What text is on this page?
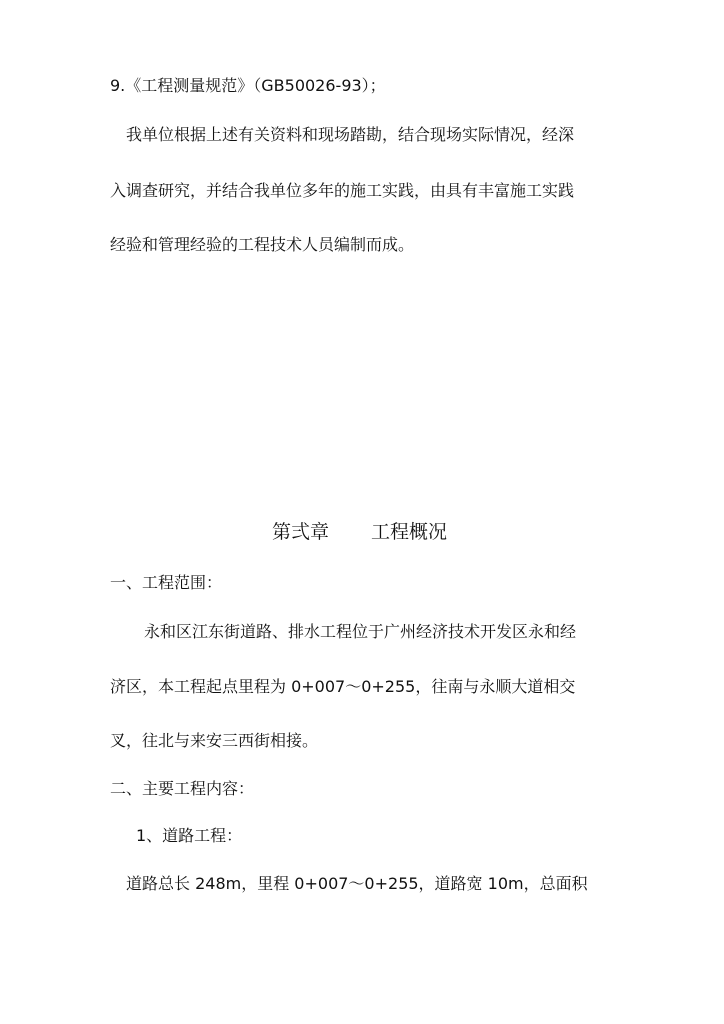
9.《工程测量规范》（GB50026-93）；
我单位根据上述有关资料和现场踏勘，结合现场实际情况，经深
入调查研究，并结合我单位多年的施工实践，由具有丰富施工实践
经验和管理经验的工程技术人员编制而成。
第弍章 工程概况
一、工程范围：
永和区江东街道路、排水工程位于广州经济技术开发区永和经
济区，本工程起点里程为 0+007～0+255，往南与永顺大道相交
叉，往北与来安三西街相接。
二、主要工程内容：
1、道路工程：
道路总长 248m，里程 0+007～0+255，道路宽 10m，总面积
